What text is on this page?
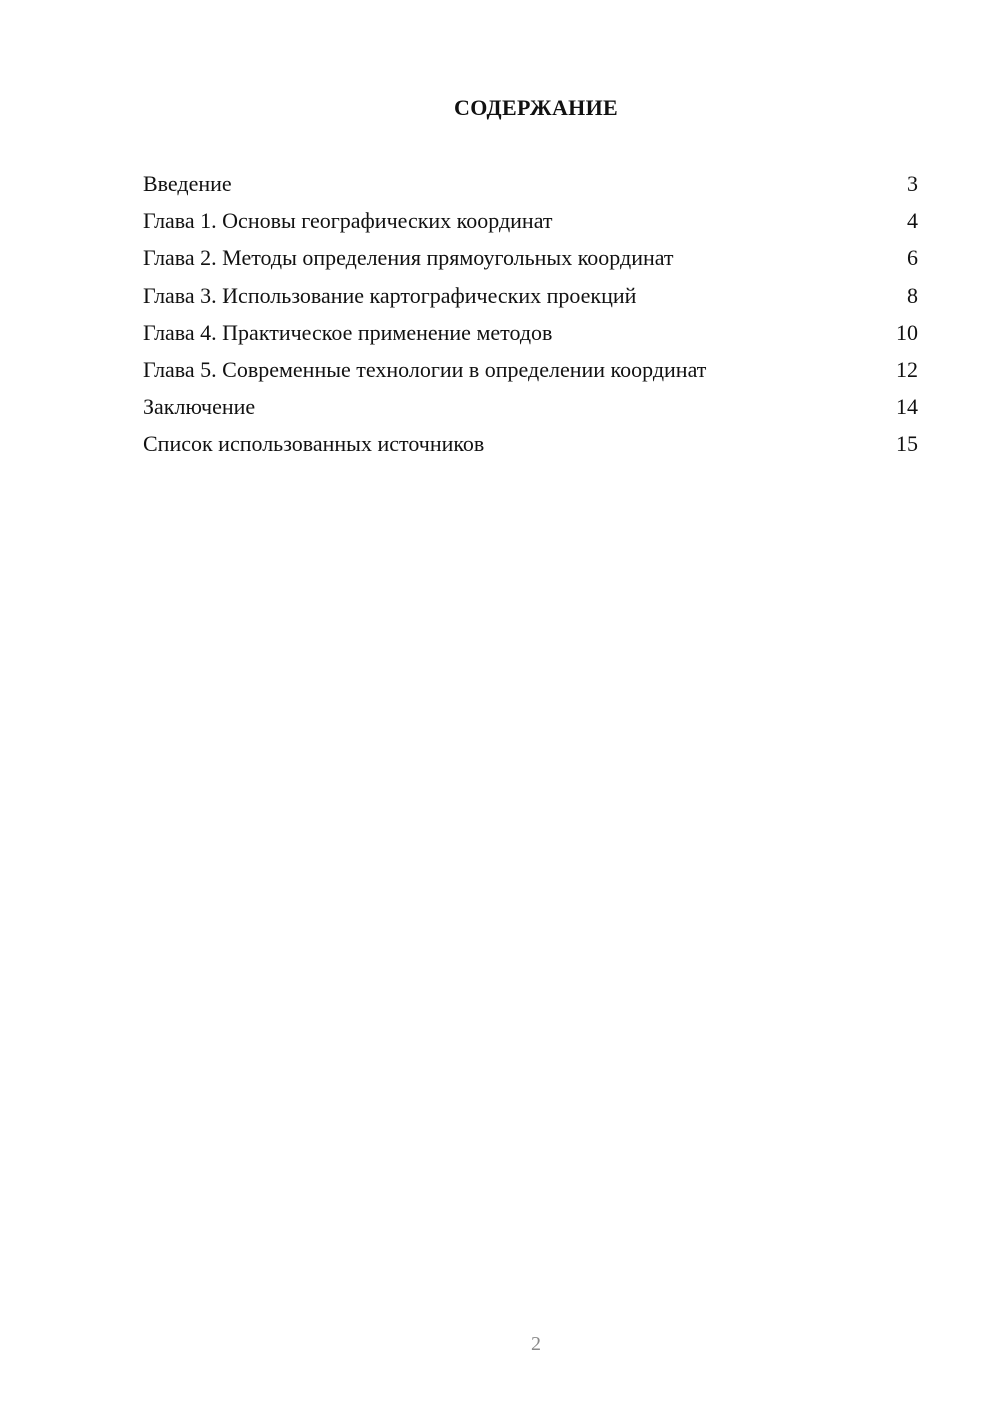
СОДЕРЖАНИЕ
Введение	3
Глава 1. Основы географических координат	4
Глава 2. Методы определения прямоугольных координат	6
Глава 3. Использование картографических проекций	8
Глава 4. Практическое применение методов	10
Глава 5. Современные технологии в определении координат	12
Заключение	14
Список использованных источников	15
2
